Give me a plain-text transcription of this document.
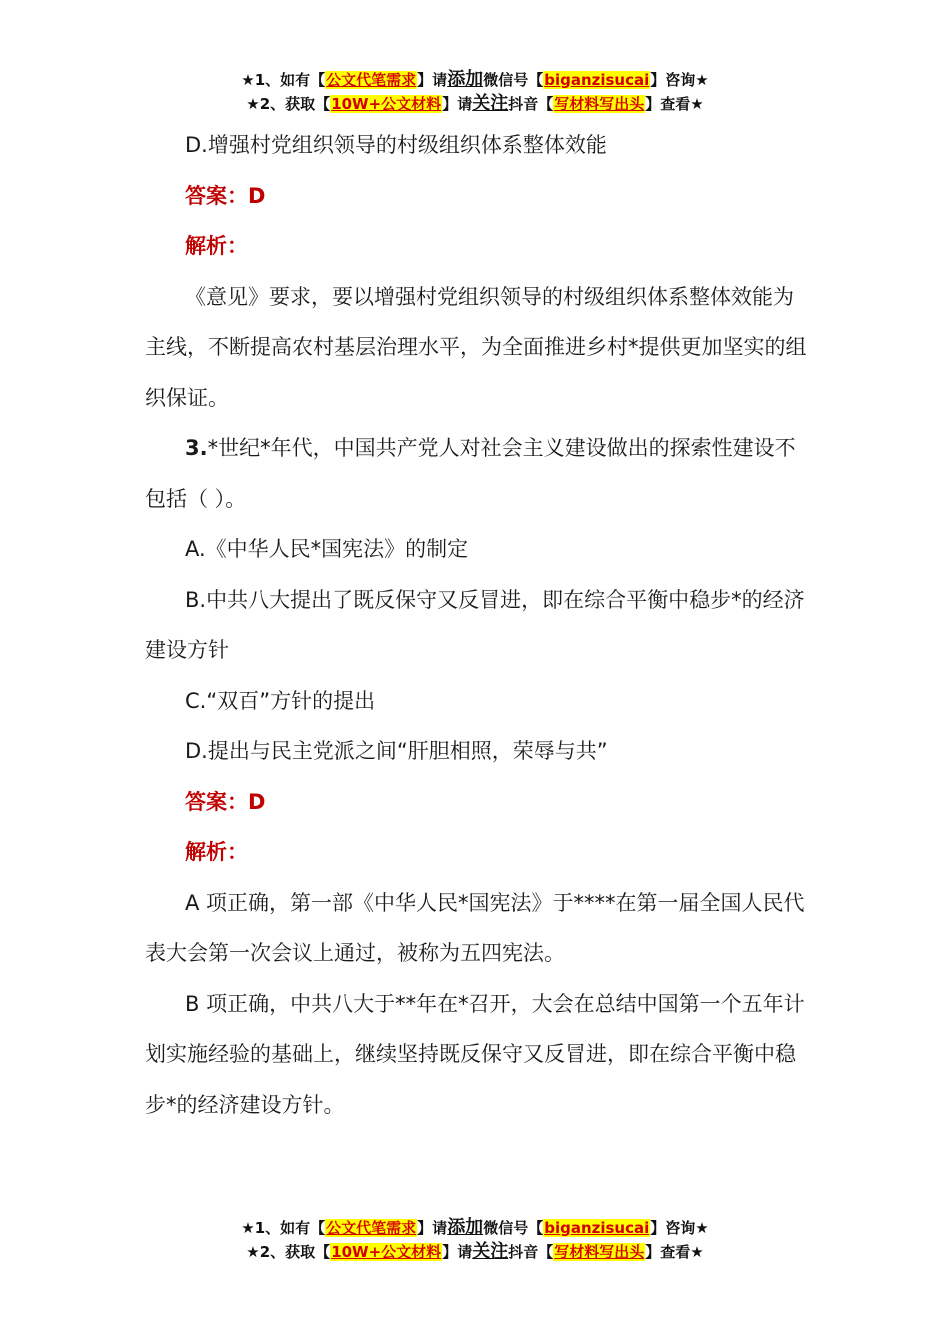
★1、如有【公文代笔需求】请添加微信号【biganzisucai】咨询★
★2、获取【10W+公文材料】请关注抖音【写材料写出头】查看★

D.增强村党组织领导的村级组织体系整体效能

答案：D

解析：

《意见》要求，要以增强村党组织领导的村级组织体系整体效能为主线，不断提高农村基层治理水平，为全面推进乡村*提供更加坚实的组织保证。

3.*世纪*年代，中国共产党人对社会主义建设做出的探索性建设不包括（ ）。

A.《中华人民*国宪法》的制定

B.中共八大提出了既反保守又反冒进，即在综合平衡中稳步*的经济建设方针

C.“双百”方针的提出

D.提出与民主党派之间“肝胆相照，荣辱与共”

答案：D

解析：

A 项正确，第一部《中华人民*国宪法》于****在第一届全国人民代表大会第一次会议上通过，被称为五四宪法。

B 项正确，中共八大于**年在*召开，大会在总结中国第一个五年计划实施经验的基础上，继续坚持既反保守又反冒进，即在综合平衡中稳步*的经济建设方针。

★1、如有【公文代笔需求】请添加微信号【biganzisucai】咨询★
★2、获取【10W+公文材料】请关注抖音【写材料写出头】查看★
